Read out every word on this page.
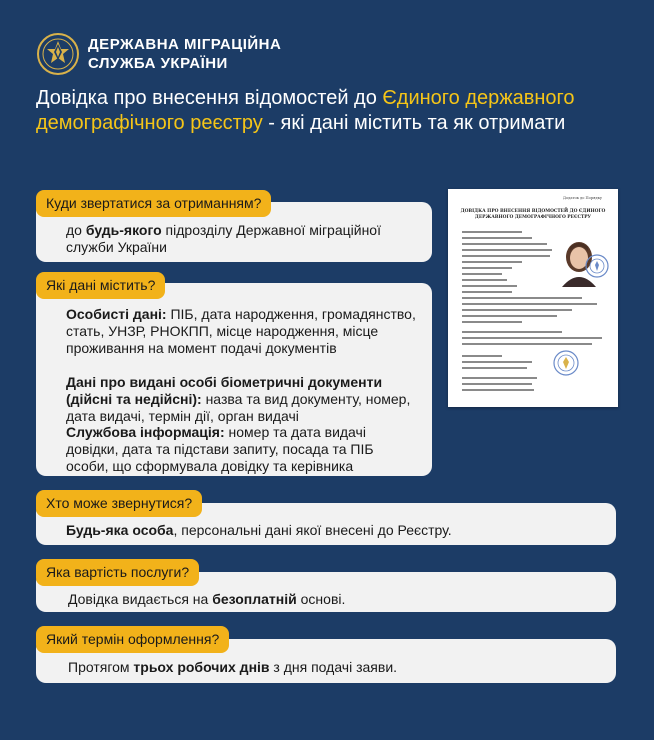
ДЕРЖАВНА МІГРАЦІЙНА
СЛУЖБА УКРАЇНИ
Довідка про внесення відомостей до Єдиного державного демографічного реєстру - які дані містить та як отримати
Куди звертатися за отриманням?
до будь-якого підрозділу Державної міграційної служби України
Які дані містить?
Особисті дані: ПІБ, дата народження, громадянство, стать, УНЗР, РНОКПП, місце народження, місце проживання на момент подачі документів
Дані про видані особі біометричні документи (дійсні та недійсні): назва та вид документу, номер, дата видачі, термін дії, орган видачі
Службова інформація: номер та дата видачі довідки, дата та підстави запиту, посада та ПІБ особи, що сформувала довідку та керівника
Додаток до Порядку
ДОВІДКА ПРО ВНЕСЕННЯ ВІДОМОСТЕЙ ДО ЄДИНОГО ДЕРЖАВНОГО ДЕМОГРАФІЧНОГО РЕЄСТРУ
Хто може звернутися?
Будь-яка особа, персональні дані якої внесені до Реєстру.
Яка вартість послуги?
Довідка видається на безоплатній основі.
Який термін оформлення?
Протягом трьох робочих днів з дня подачі заяви.
